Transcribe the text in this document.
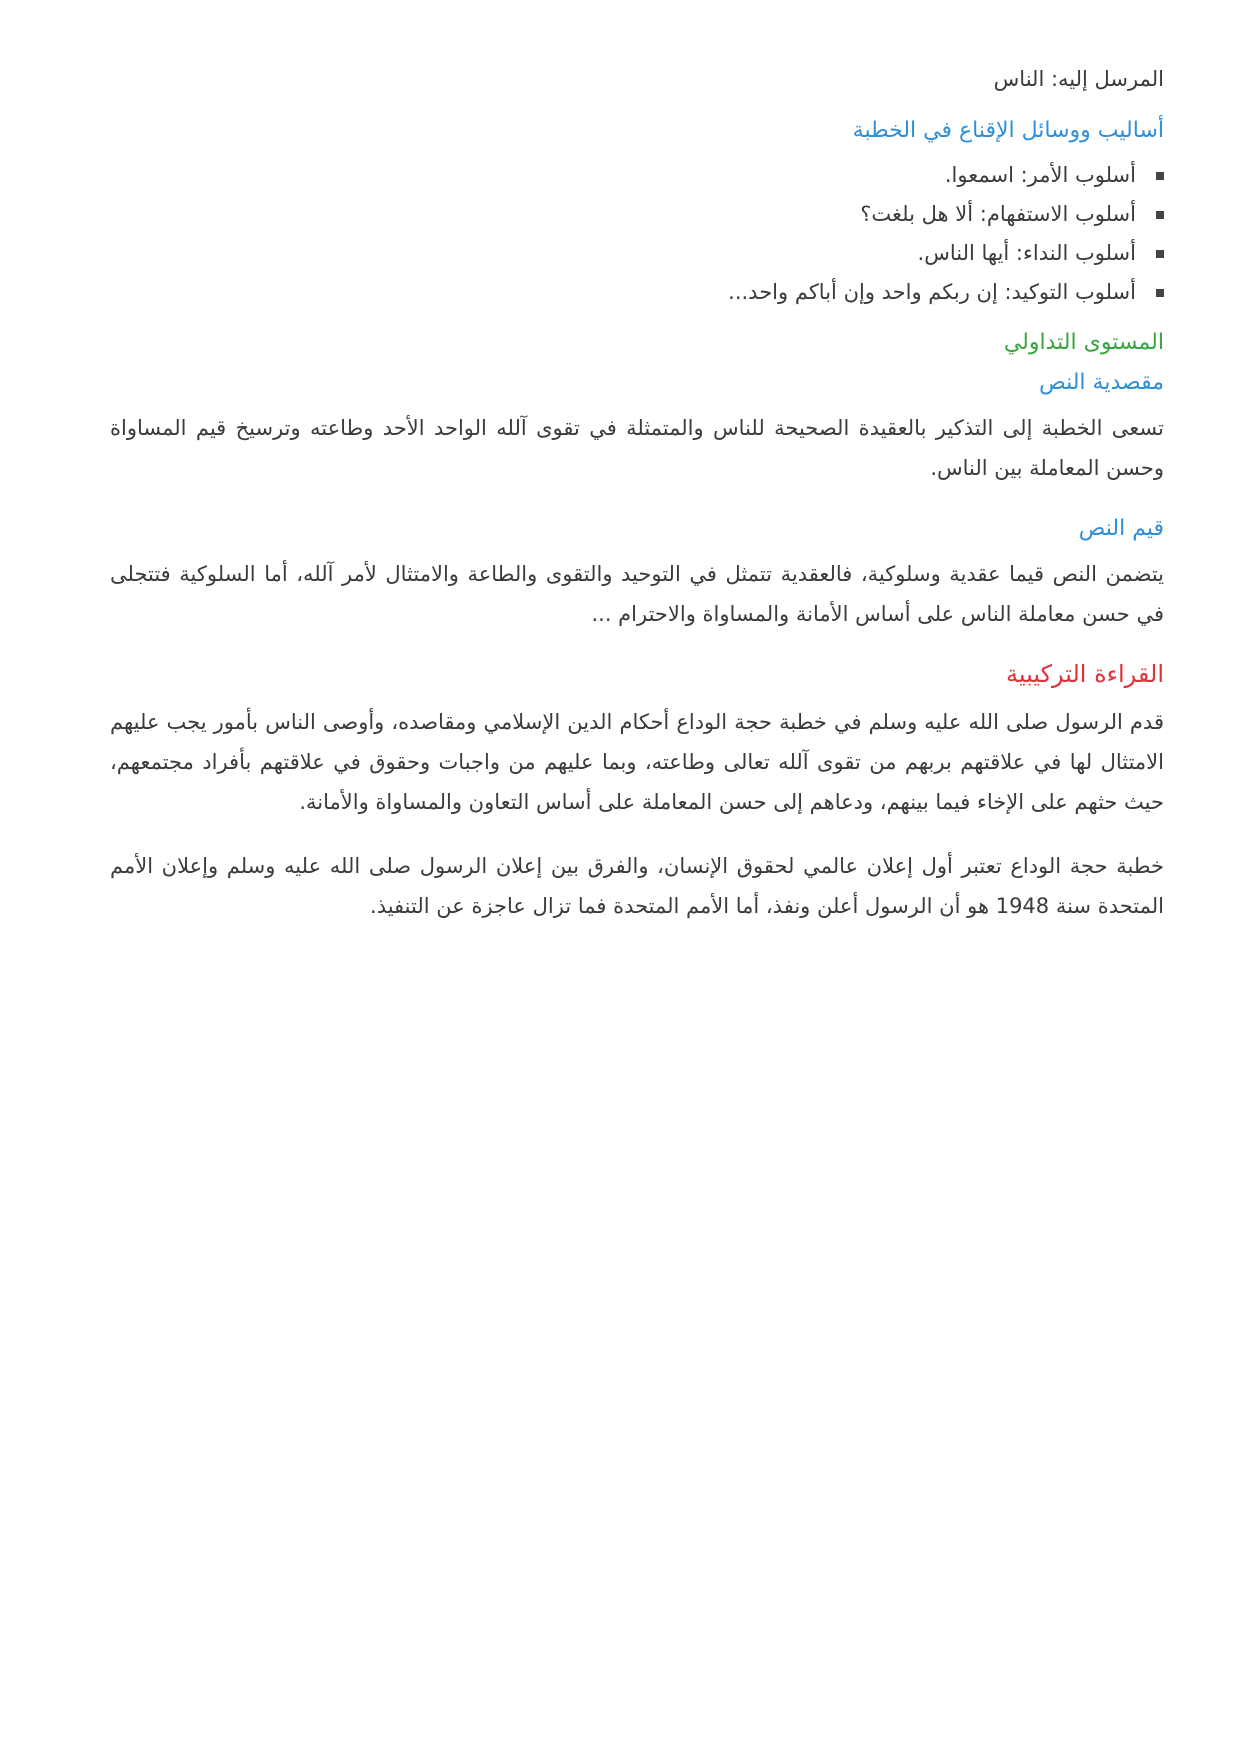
المرسل إليه: الناس

أساليب ووسائل الإقناع في الخطبة
أسلوب الأمر: اسمعوا.
أسلوب الاستفهام: ألا هل بلغت؟
أسلوب النداء: أيها الناس.
أسلوب التوكيد: إن ربكم واحد وإن أباكم واحد...
المستوى التداولي
مقصدية النص

تسعى الخطبة إلى التذكير بالعقيدة الصحيحة للناس والمتمثلة في تقوى آلله الواحد الأحد وطاعته وترسيخ قيم المساواة وحسن المعاملة بين الناس.

قيم النص

يتضمن النص قيما عقدية وسلوكية، فالعقدية تتمثل في التوحيد والتقوى والطاعة والامتثال لأمر آلله، أما السلوكية فتتجلى في حسن معاملة الناس على أساس الأمانة والمساواة والاحترام ...

القراءة التركيبية

قدم الرسول صلى الله عليه وسلم في خطبة حجة الوداع أحكام الدين الإسلامي ومقاصده، وأوصى الناس بأمور يجب عليهم الامتثال لها في علاقتهم بربهم من تقوى آلله تعالى وطاعته، وبما عليهم من واجبات وحقوق في علاقتهم بأفراد مجتمعهم، حيث حثهم على الإخاء فيما بينهم، ودعاهم إلى حسن المعاملة على أساس التعاون والمساواة والأمانة.

خطبة حجة الوداع تعتبر أول إعلان عالمي لحقوق الإنسان، والفرق بين إعلان الرسول صلى الله عليه وسلم وإعلان الأمم المتحدة سنة 1948 هو أن الرسول أعلن ونفذ، أما الأمم المتحدة فما تزال عاجزة عن التنفيذ.
